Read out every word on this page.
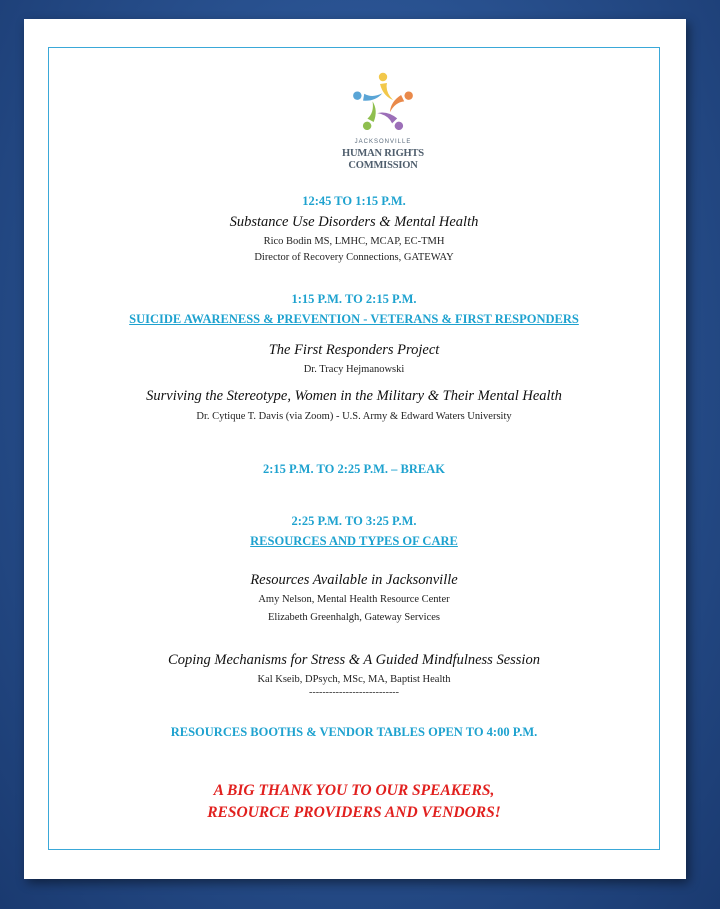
JACKSONVILLE
HUMAN RIGHTS
COMMISSION
12:45 TO 1:15 P.M.
Substance Use Disorders & Mental Health
Rico Bodin MS, LMHC, MCAP, EC-TMH
Director of Recovery Connections, GATEWAY
1:15 P.M. TO 2:15 P.M.
SUICIDE AWARENESS & PREVENTION - VETERANS & FIRST RESPONDERS
The First Responders Project
Dr. Tracy Hejmanowski
Surviving the Stereotype, Women in the Military & Their Mental Health
Dr. Cytique T. Davis (via Zoom) - U.S. Army & Edward Waters University
2:15 P.M. TO 2:25 P.M. – BREAK
2:25 P.M. TO 3:25 P.M.
RESOURCES AND TYPES OF CARE
Resources Available in Jacksonville
Amy Nelson, Mental Health Resource Center
Elizabeth Greenhalgh, Gateway Services
Coping Mechanisms for Stress & A Guided Mindfulness Session
Kal Kseib, DPsych, MSc, MA, Baptist Health
---------------------------
RESOURCES BOOTHS & VENDOR TABLES OPEN TO 4:00 P.M.
A BIG THANK YOU TO OUR SPEAKERS,
RESOURCE PROVIDERS AND VENDORS!
